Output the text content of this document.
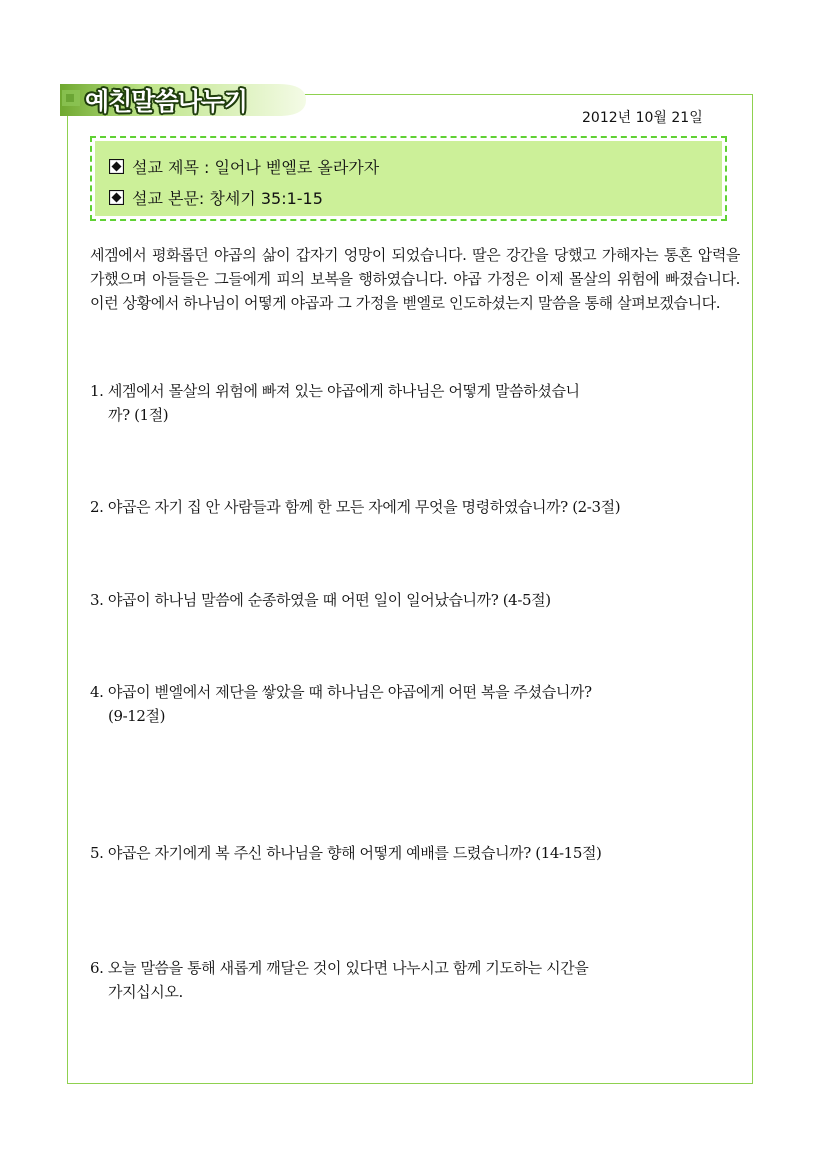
예친말씀나누기
2012년 10월 21일
설교 제목 : 일어나 벧엘로 올라가자
설교 본문: 창세기 35:1-15
세겜에서 평화롭던 야곱의 삶이 갑자기 엉망이 되었습니다. 딸은 강간을 당했고 가해자는 통혼 압력을 가했으며 아들들은 그들에게 피의 보복을 행하였습니다. 야곱 가정은 이제 몰살의 위험에 빠졌습니다. 이런 상황에서 하나님이 어떻게 야곱과 그 가정을 벧엘로 인도하셨는지 말씀을 통해 살펴보겠습니다.
1. 세겜에서 몰살의 위험에 빠져 있는 야곱에게 하나님은 어떻게 말씀하셨습니
까? (1절)
2. 야곱은 자기 집 안 사람들과 함께 한 모든 자에게 무엇을 명령하였습니까? (2-3절)
3. 야곱이 하나님 말씀에 순종하였을 때 어떤 일이 일어났습니까? (4-5절)
4. 야곱이 벧엘에서 제단을 쌓았을 때 하나님은 야곱에게 어떤 복을 주셨습니까?
(9-12절)
5. 야곱은 자기에게 복 주신 하나님을 향해 어떻게 예배를 드렸습니까? (14-15절)
6. 오늘 말씀을 통해 새롭게 깨달은 것이 있다면 나누시고 함께 기도하는 시간을
가지십시오.
